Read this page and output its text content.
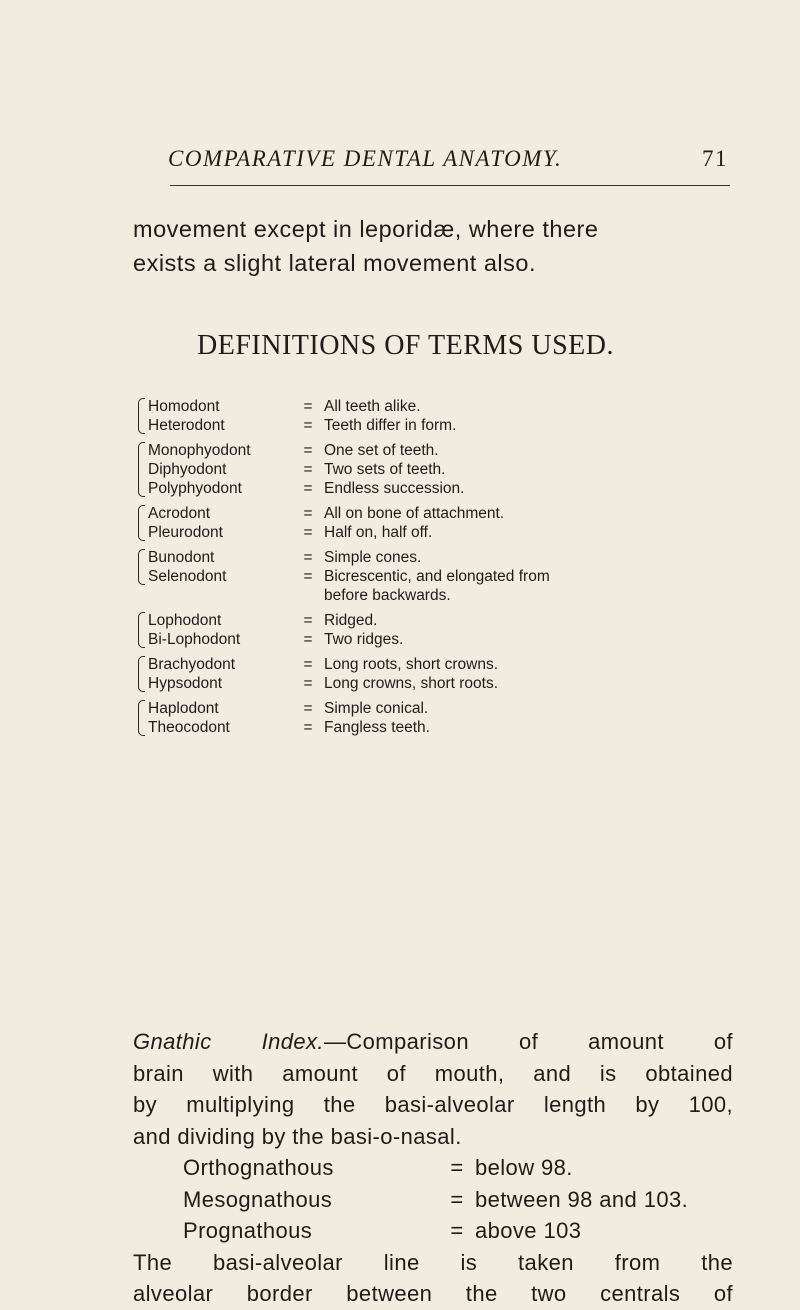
COMPARATIVE DENTAL ANATOMY.	71

movement except in leporidæ, where there

exists a slight lateral movement also.

DEFINITIONS OF TERMS USED.
Homodont	= All teeth alike.
Heterodont	= Teeth differ in form.
Monophyodont	= One set of teeth.
Diphyodont	= Two sets of teeth.
Polyphyodont	= Endless succession.
Acrodont	= All on bone of attachment.
Pleurodont	= Half on, half off.
Bunodont	= Simple cones.
Selenodont	= Bicrescentic, and elongated from
before backwards.
Lophodont	= Ridged.
Bi-Lophodont	= Two ridges.
Brachyodont	= Long roots, short crowns.
Hypsodont	= Long crowns, short roots.
Haplodont	= Simple conical.
Theocodont	= Fangless teeth.

Gnathic Index.—Comparison of amount of

brain with amount of mouth, and is obtained

by multiplying the basi-alveolar length by 100,

and dividing by the basi-o-nasal.

Orthognathous	= below 98.
Mesognathous	= between 98 and 103.
Prognathous	= above 103

The basi-alveolar line is taken from the

alveolar border between the two centrals of
